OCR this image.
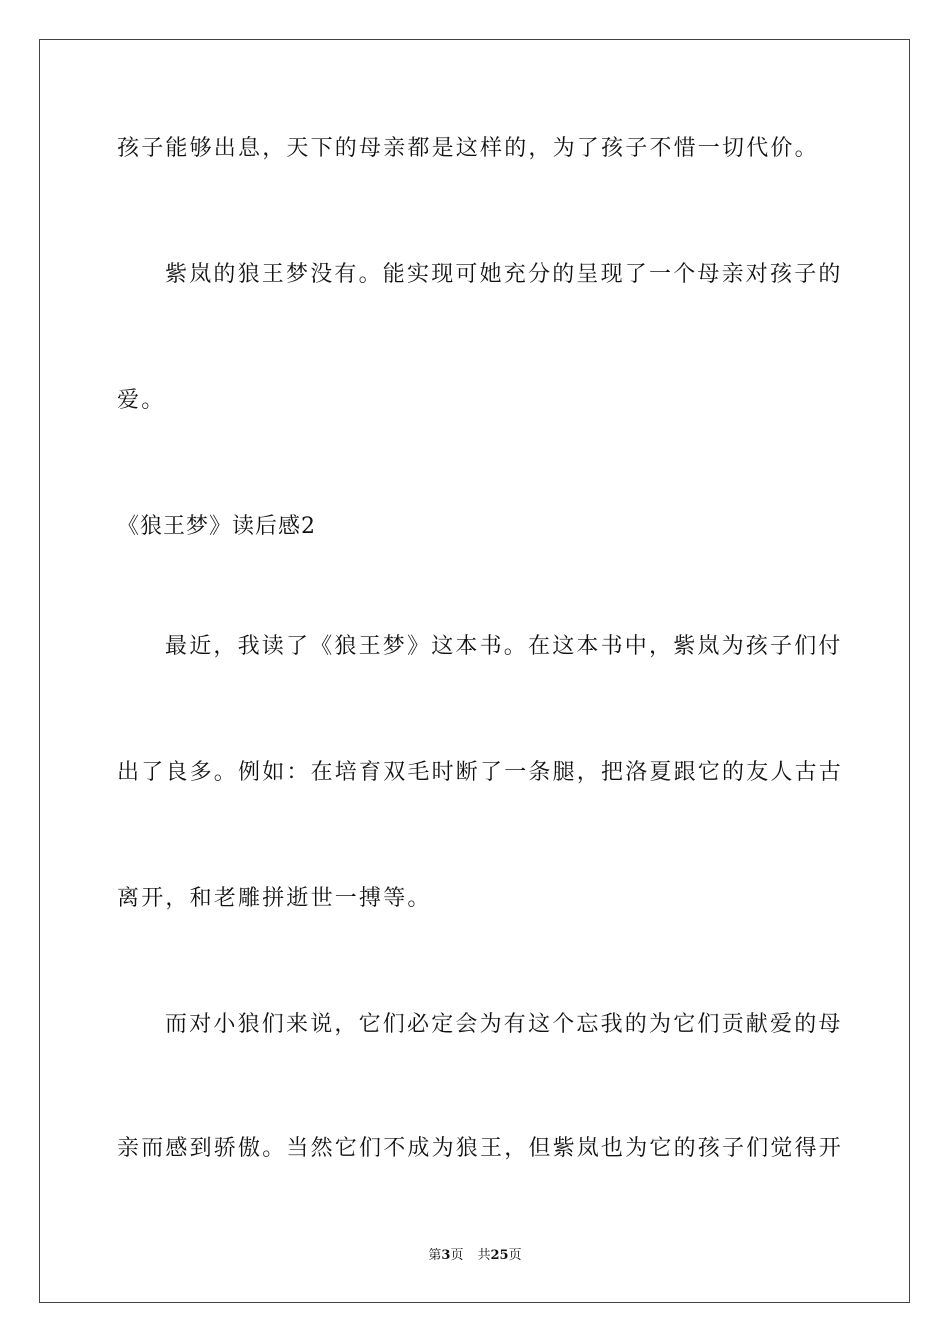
孩子能够出息，天下的母亲都是这样的，为了孩子不惜一切代价。
紫岚的狼王梦没有。能实现可她充分的呈现了一个母亲对孩子的
爱。
《狼王梦》读后感2
最近，我读了《狼王梦》这本书。在这本书中，紫岚为孩子们付
出了良多。例如：在培育双毛时断了一条腿，把洛夏跟它的友人古古
离开，和老雕拼逝世一搏等。
而对小狼们来说，它们必定会为有这个忘我的为它们贡献爱的母
亲而感到骄傲。当然它们不成为狼王，但紫岚也为它的孩子们觉得开
第3页 共25页
